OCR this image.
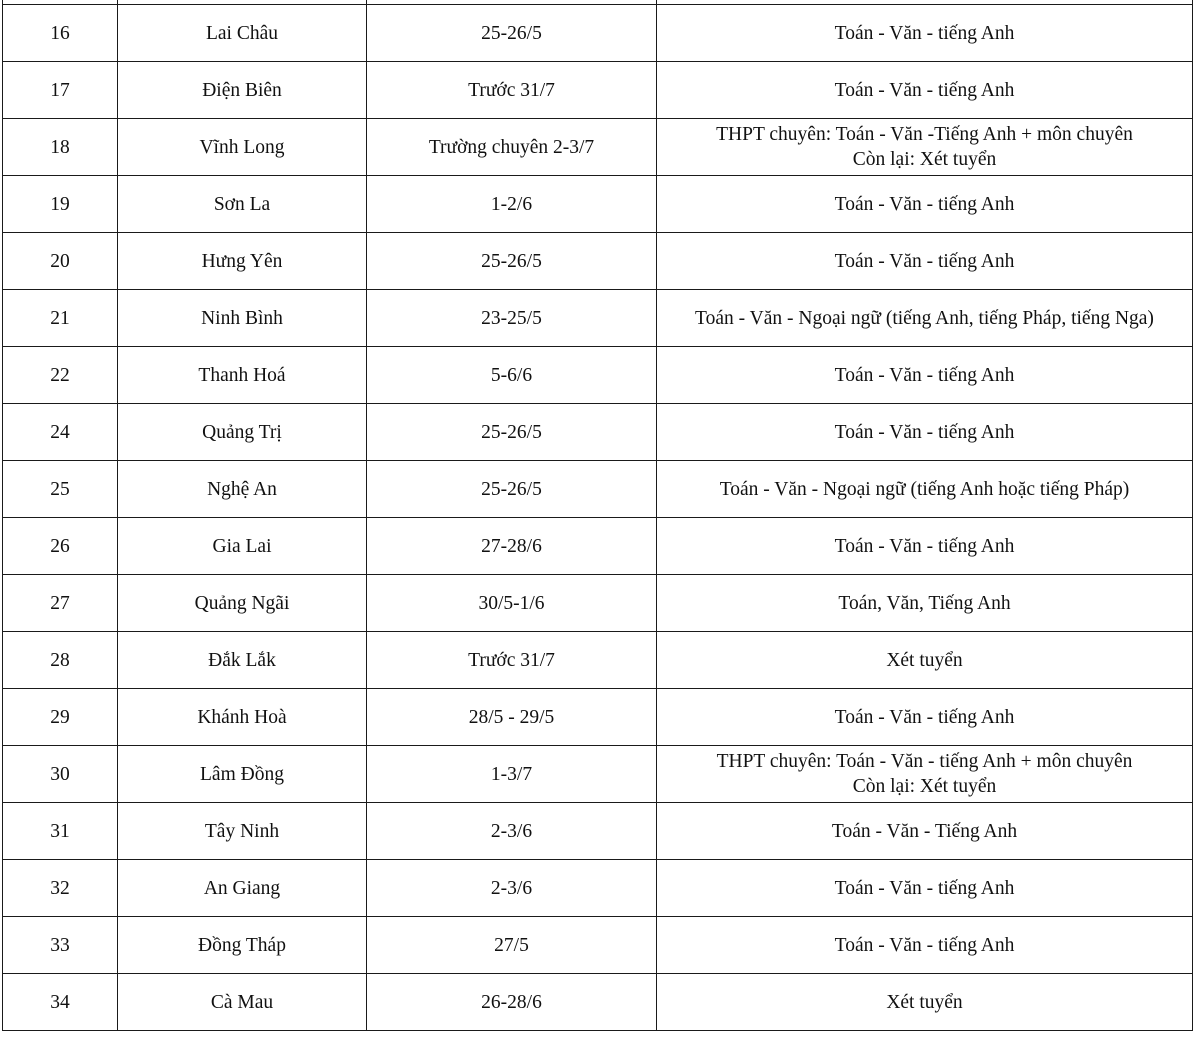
16	Lai Châu	25-26/5	Toán - Văn - tiếng Anh

17	Điện Biên	Trước 31/7	Toán - Văn - tiếng Anh

18	Vĩnh Long	Trường chuyên 2-3/7	THPT chuyên: Toán - Văn -Tiếng Anh + môn chuyên
Còn lại: Xét tuyển

19	Sơn La	1-2/6	Toán - Văn - tiếng Anh

20	Hưng Yên	25-26/5	Toán - Văn - tiếng Anh

21	Ninh Bình	23-25/5	Toán - Văn - Ngoại ngữ (tiếng Anh, tiếng Pháp, tiếng Nga)

22	Thanh Hoá	5-6/6	Toán - Văn - tiếng Anh

24	Quảng Trị	25-26/5	Toán - Văn - tiếng Anh

25	Nghệ An	25-26/5	Toán - Văn - Ngoại ngữ (tiếng Anh hoặc tiếng Pháp)

26	Gia Lai	27-28/6	Toán - Văn - tiếng Anh

27	Quảng Ngãi	30/5-1/6	Toán, Văn, Tiếng Anh

28	Đắk Lắk	Trước 31/7	Xét tuyển

29	Khánh Hoà	28/5 - 29/5	Toán - Văn - tiếng Anh

30	Lâm Đồng	1-3/7	THPT chuyên: Toán - Văn - tiếng Anh + môn chuyên
Còn lại: Xét tuyển

31	Tây Ninh	2-3/6	Toán - Văn - Tiếng Anh

32	An Giang	2-3/6	Toán - Văn - tiếng Anh

33	Đồng Tháp	27/5	Toán - Văn - tiếng Anh

34	Cà Mau	26-28/6	Xét tuyển
